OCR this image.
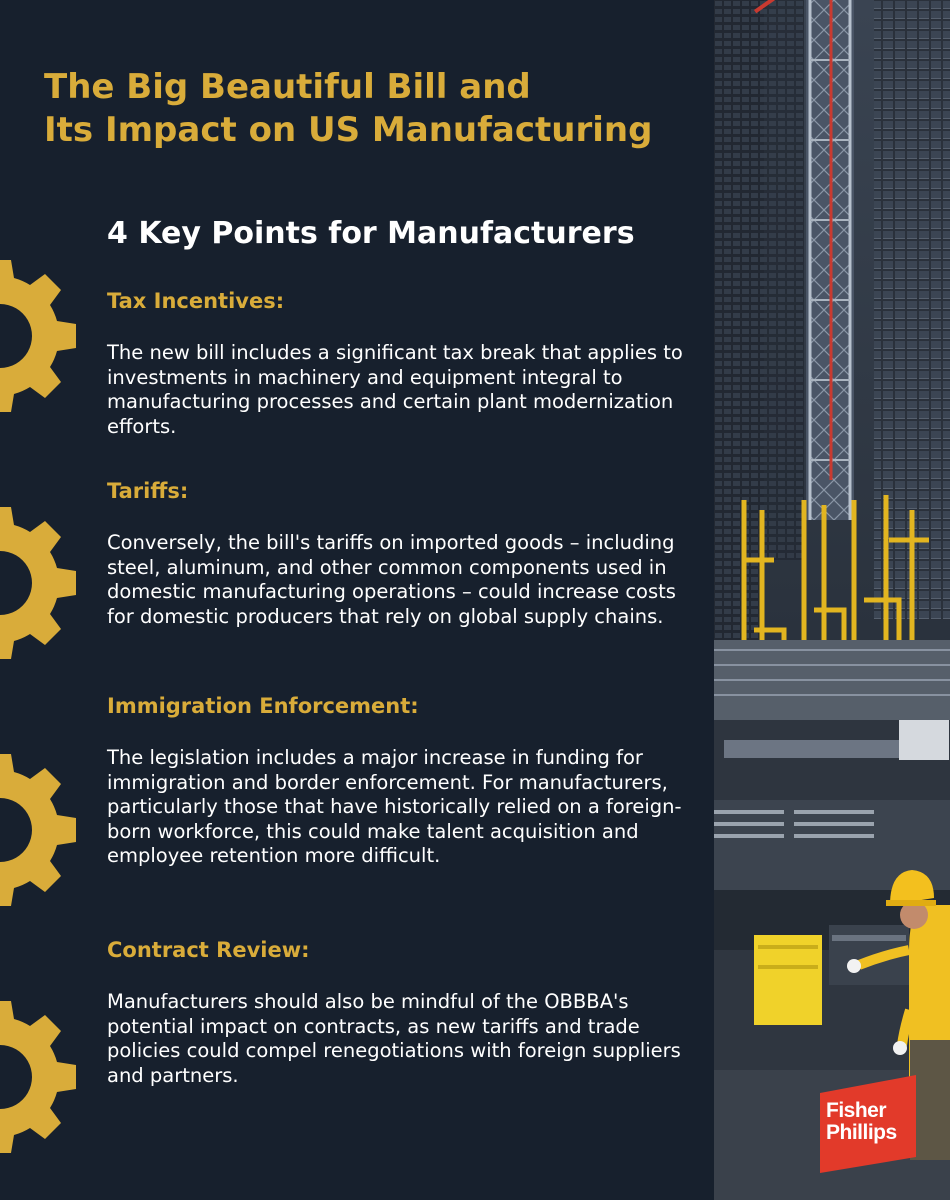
The Big Beautiful Bill and
Its Impact on US Manufacturing
4 Key Points for Manufacturers
Tax Incentives:

The new bill includes a significant tax break that applies to investments in machinery and equipment integral to manufacturing processes and certain plant modernization efforts.

Tariffs:

Conversely, the bill's tariffs on imported goods – including steel, aluminum, and other common components used in domestic manufacturing operations – could increase costs for domestic producers that rely on global supply chains.

Immigration Enforcement:

The legislation includes a major increase in funding for immigration and border enforcement. For manufacturers, particularly those that have historically relied on a foreign-born workforce, this could make talent acquisition and employee retention more difficult.

Contract Review:

Manufacturers should also be mindful of the OBBBA's potential impact on contracts, as new tariffs and trade policies could compel renegotiations with foreign suppliers and partners.

Fisher
Phillips
